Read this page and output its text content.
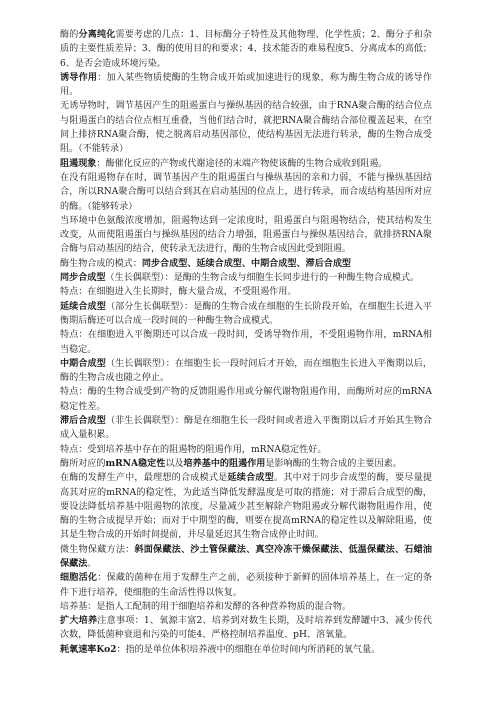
酶的分离纯化需要考虑的几点：1、目标酶分子特性及其他物理、化学性质；2、酶分子和杂质的主要性质差异；3、酶的使用目的和要求；4、技术能否的难易程度5、分离成本的高低；6、是否会造成环境污染。

诱导作用：加入某些物质使酶的生物合成开始或加速进行的现象，称为酶生物合成的诱导作用。

无诱导物时，调节基因产生的阻遏蛋白与操纵基因的结合较强，由于RNA聚合酶的结合位点与阻遏蛋白的结合位点相互重叠，当他们结合时，就把RNA聚合酶结合部位覆盖起来，在空间上排挤RNA聚合酶，使之脱离启动基因部位，使结构基因无法进行转录，酶的生物合成受阻。（不能转录）

阻遏现象：酶催化反应的产物或代谢途径的末端产物使该酶的生物合成收到阻遏。

在没有阻遏物存在时，调节基因产生的阻遏蛋白与操纵基因的亲和力弱，不能与操纵基因结合，所以RNA聚合酶可以结合到其在启动基因的位点上，进行转录，而合成结构基因所对应的酶。（能够转录）

当环境中色氨酸浓度增加，阻遏物达到一定浓度时，阻遏蛋白与阻遏物结合，使其结构发生改变，从而使阻遏蛋白与操纵基因的结合力增强，阻遏蛋白与操纵基因结合，就排挤RNA聚合酶与启动基因的结合，使转录无法进行，酶的生物合成因此受到阻遏。

酶生物合成的模式：同步合成型、延续合成型、中期合成型、滞后合成型

同步合成型（生长偶联型）：是酶的生物合成与细胞生长同步进行的一种酶生物合成模式。

特点：在细胞进入生长期时，酶大量合成，不受阻遏作用。

延续合成型（部分生长偶联型）：是酶的生物合成在细胞的生长阶段开始，在细胞生长进入平衡期后酶还可以合成一段时间的一种酶生物合成模式。

特点：在细胞进入平衡期还可以合成一段时间，受诱导物作用，不受阻遏物作用，mRNA相当稳定。

中期合成型（生长偶联型）：在细胞生长一段时间后才开始，而在细胞生长进入平衡期以后，酶的生物合成也随之停止。

特点：酶的生物合成受到产物的反馈阻遏作用或分解代谢物阻遏作用，而酶所对应的mRNA稳定性差。

滞后合成型（非生长偶联型）：酶是在细胞生长一段时间或者进入平衡期以后才开始其生物合成入量积累。

特点：受到培养基中存在的阻遏物的阻遏作用，mRNA稳定性好。

酶所对应的mRNA稳定性以及培养基中的阻遏作用是影响酶的生物合成的主要因素。

在酶的发酵生产中，最理想的合成模式是延续合成型。其中对于同步合成型的酶，要尽量提高其对应的mRNA的稳定性，为此适当降低发酵温度是可取的措施；对于滞后合成型的酶，要设法降低培养基中阻遏物的浓度，尽量减少甚至解除产物阻遏或分解代谢物阻遏作用，使酶的生物合成提早开始；而对于中期型的酶，则要在提高mRNA的稳定性以及解除阻遏，使其是生物合成的开始时间提前，并尽量延迟其生物合成停止时间。

微生物保藏方法：斜面保藏法、沙土管保藏法、真空冷冻干燥保藏法、低温保藏法、石蜡油保藏法。

细胞活化：保藏的菌种在用于发酵生产之前，必须接种于新鲜的固体培养基上，在一定的条件下进行培养，使细胞的生命活性得以恢复。

培养基：是指人工配制的用于细胞培养和发酵的各种营养物质的混合物。

扩大培养注意事项：1、氧源丰富2、培养到对数生长期，及时培养到发酵罐中3、减少传代次数，降低菌种衰退和污染的可能4、严格控制培养温度、pH、溶氧量。

耗氧速率Ko2：指的是单位体积培养液中的细胞在单位时间内所消耗的氧气量。
